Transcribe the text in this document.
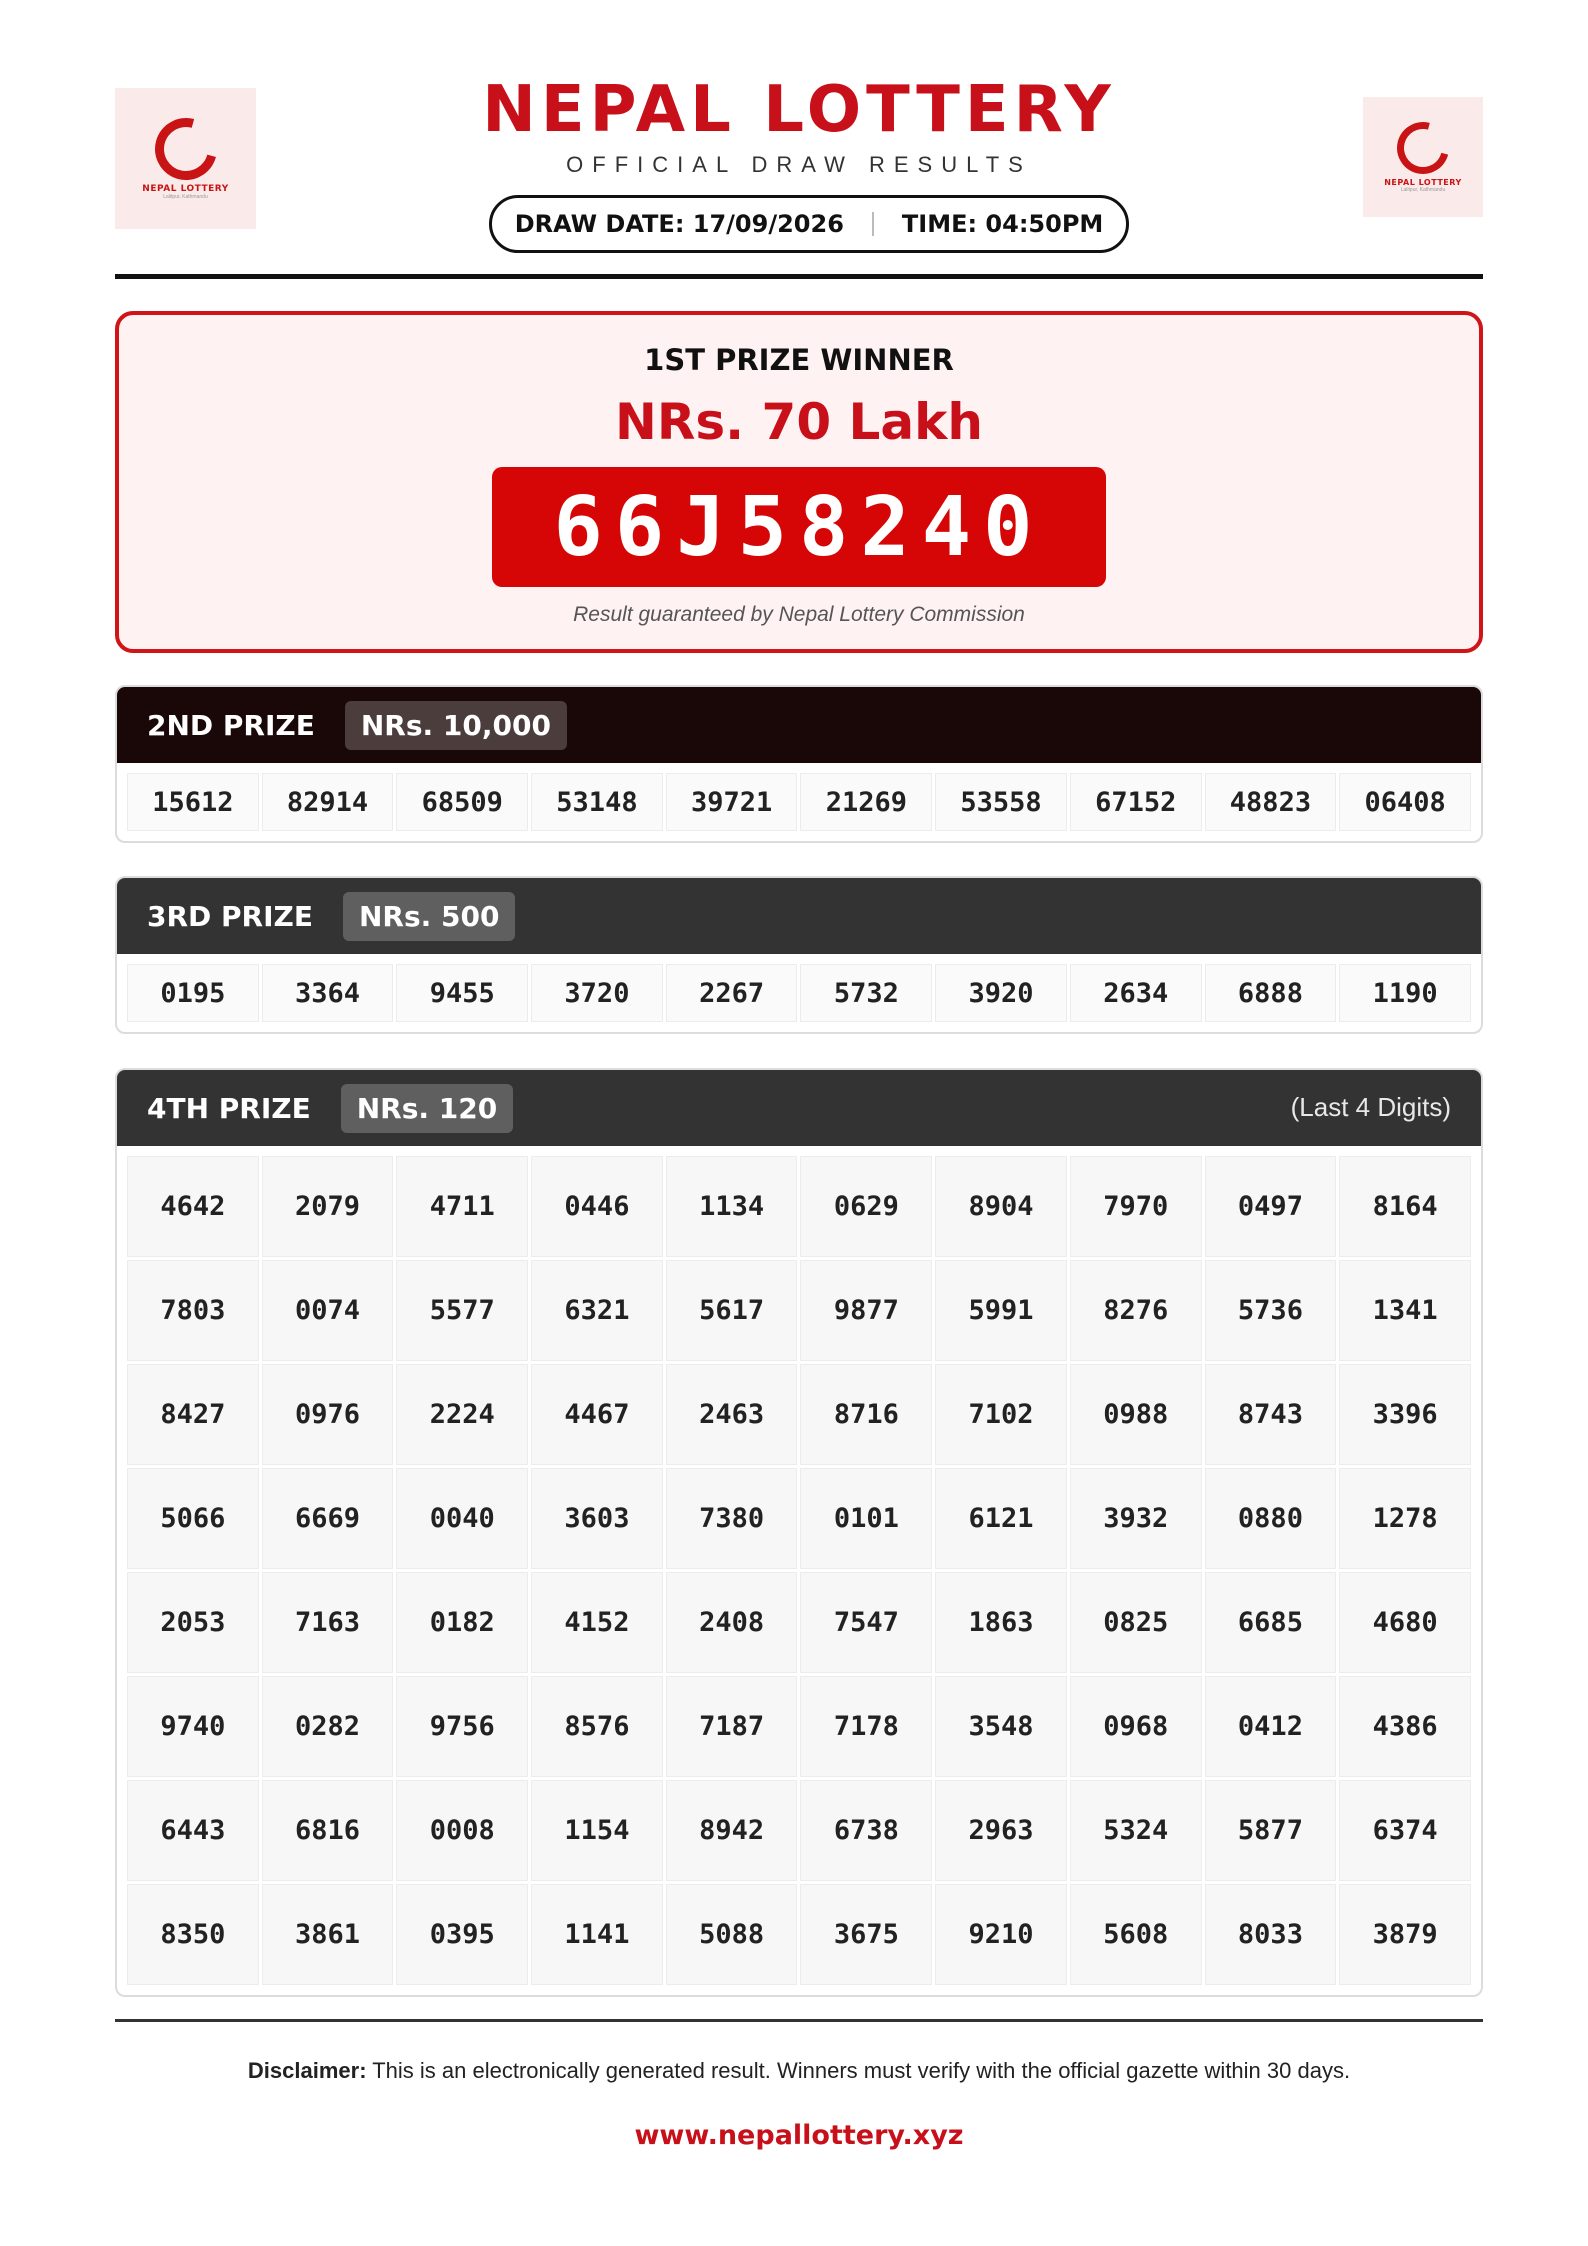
NEPAL LOTTERY
Lalitpur, Kathmandu
NEPAL LOTTERY
OFFICIAL DRAW RESULTS
DRAW DATE: 17/09/2026 TIME: 04:50PM
NEPAL LOTTERY
Lalitpur, Kathmandu
1ST PRIZE WINNER
NRs. 70 Lakh
66J58240
Result guaranteed by Nepal Lottery Commission
2ND PRIZE	NRs. 10,000
15612	82914	68509	53148	39721	21269	53558	67152	48823	06408
3RD PRIZE	NRs. 500
0195	3364	9455	3720	2267	5732	3920	2634	6888	1190
4TH PRIZE	NRs. 120	(Last 4 Digits)
4642	2079	4711	0446	1134	0629	8904	7970	0497	8164
7803	0074	5577	6321	5617	9877	5991	8276	5736	1341
8427	0976	2224	4467	2463	8716	7102	0988	8743	3396
5066	6669	0040	3603	7380	0101	6121	3932	0880	1278
2053	7163	0182	4152	2408	7547	1863	0825	6685	4680
9740	0282	9756	8576	7187	7178	3548	0968	0412	4386
6443	6816	0008	1154	8942	6738	2963	5324	5877	6374
8350	3861	0395	1141	5088	3675	9210	5608	8033	3879
Disclaimer: This is an electronically generated result. Winners must verify with the official gazette within 30 days.
www.nepallottery.xyz
